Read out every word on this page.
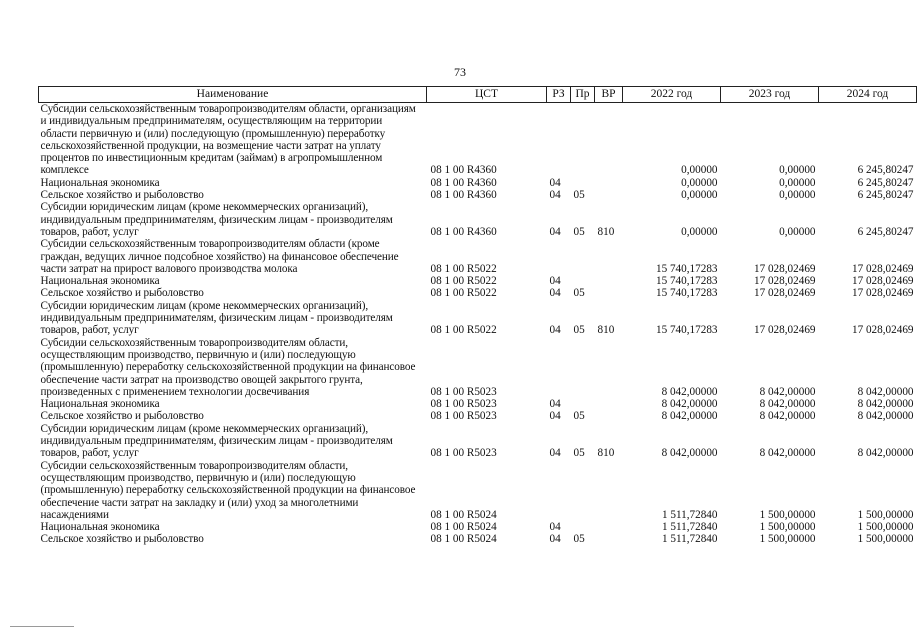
73
Наименование	ЦСТ	РЗ	Пр	ВР	2022 год	2023 год	2024 год
Субсидии сельскохозяйственным товаропроизводителям области, организациям и индивидуальным предпринимателям, осуществляющим на территории области первичную и (или) последующую (промышленную) переработку сельскохозяйственной продукции, на возмещение части затрат на уплату процентов по инвестиционным кредитам (займам) в агропромышленном комплексе	08 1 00 R4360				0,00000	0,00000	6 245,80247
Национальная экономика	08 1 00 R4360	04			0,00000	0,00000	6 245,80247
Сельское хозяйство и рыболовство	08 1 00 R4360	04	05		0,00000	0,00000	6 245,80247
Субсидии юридическим лицам (кроме некоммерческих организаций), индивидуальным предпринимателям, физическим лицам - производителям товаров, работ, услуг	08 1 00 R4360	04	05	810	0,00000	0,00000	6 245,80247
Субсидии сельскохозяйственным товаропроизводителям области (кроме граждан, ведущих личное подсобное хозяйство) на финансовое обеспечение части затрат на прирост валового производства молока	08 1 00 R5022				15 740,17283	17 028,02469	17 028,02469
Национальная экономика	08 1 00 R5022	04			15 740,17283	17 028,02469	17 028,02469
Сельское хозяйство и рыболовство	08 1 00 R5022	04	05		15 740,17283	17 028,02469	17 028,02469
Субсидии юридическим лицам (кроме некоммерческих организаций), индивидуальным предпринимателям, физическим лицам - производителям товаров, работ, услуг	08 1 00 R5022	04	05	810	15 740,17283	17 028,02469	17 028,02469
Субсидии сельскохозяйственным товаропроизводителям области, осуществляющим производство, первичную и (или) последующую (промышленную) переработку сельскохозяйственной продукции на финансовое обеспечение части затрат на производство овощей закрытого грунта, произведенных с применением технологии досвечивания	08 1 00 R5023				8 042,00000	8 042,00000	8 042,00000
Национальная экономика	08 1 00 R5023	04			8 042,00000	8 042,00000	8 042,00000
Сельское хозяйство и рыболовство	08 1 00 R5023	04	05		8 042,00000	8 042,00000	8 042,00000
Субсидии юридическим лицам (кроме некоммерческих организаций), индивидуальным предпринимателям, физическим лицам - производителям товаров, работ, услуг	08 1 00 R5023	04	05	810	8 042,00000	8 042,00000	8 042,00000
Субсидии сельскохозяйственным товаропроизводителям области, осуществляющим производство, первичную и (или) последующую (промышленную) переработку сельскохозяйственной продукции на финансовое обеспечение части затрат на закладку и (или) уход за многолетними насаждениями	08 1 00 R5024				1 511,72840	1 500,00000	1 500,00000
Национальная экономика	08 1 00 R5024	04			1 511,72840	1 500,00000	1 500,00000
Сельское хозяйство и рыболовство	08 1 00 R5024	04	05		1 511,72840	1 500,00000	1 500,00000
